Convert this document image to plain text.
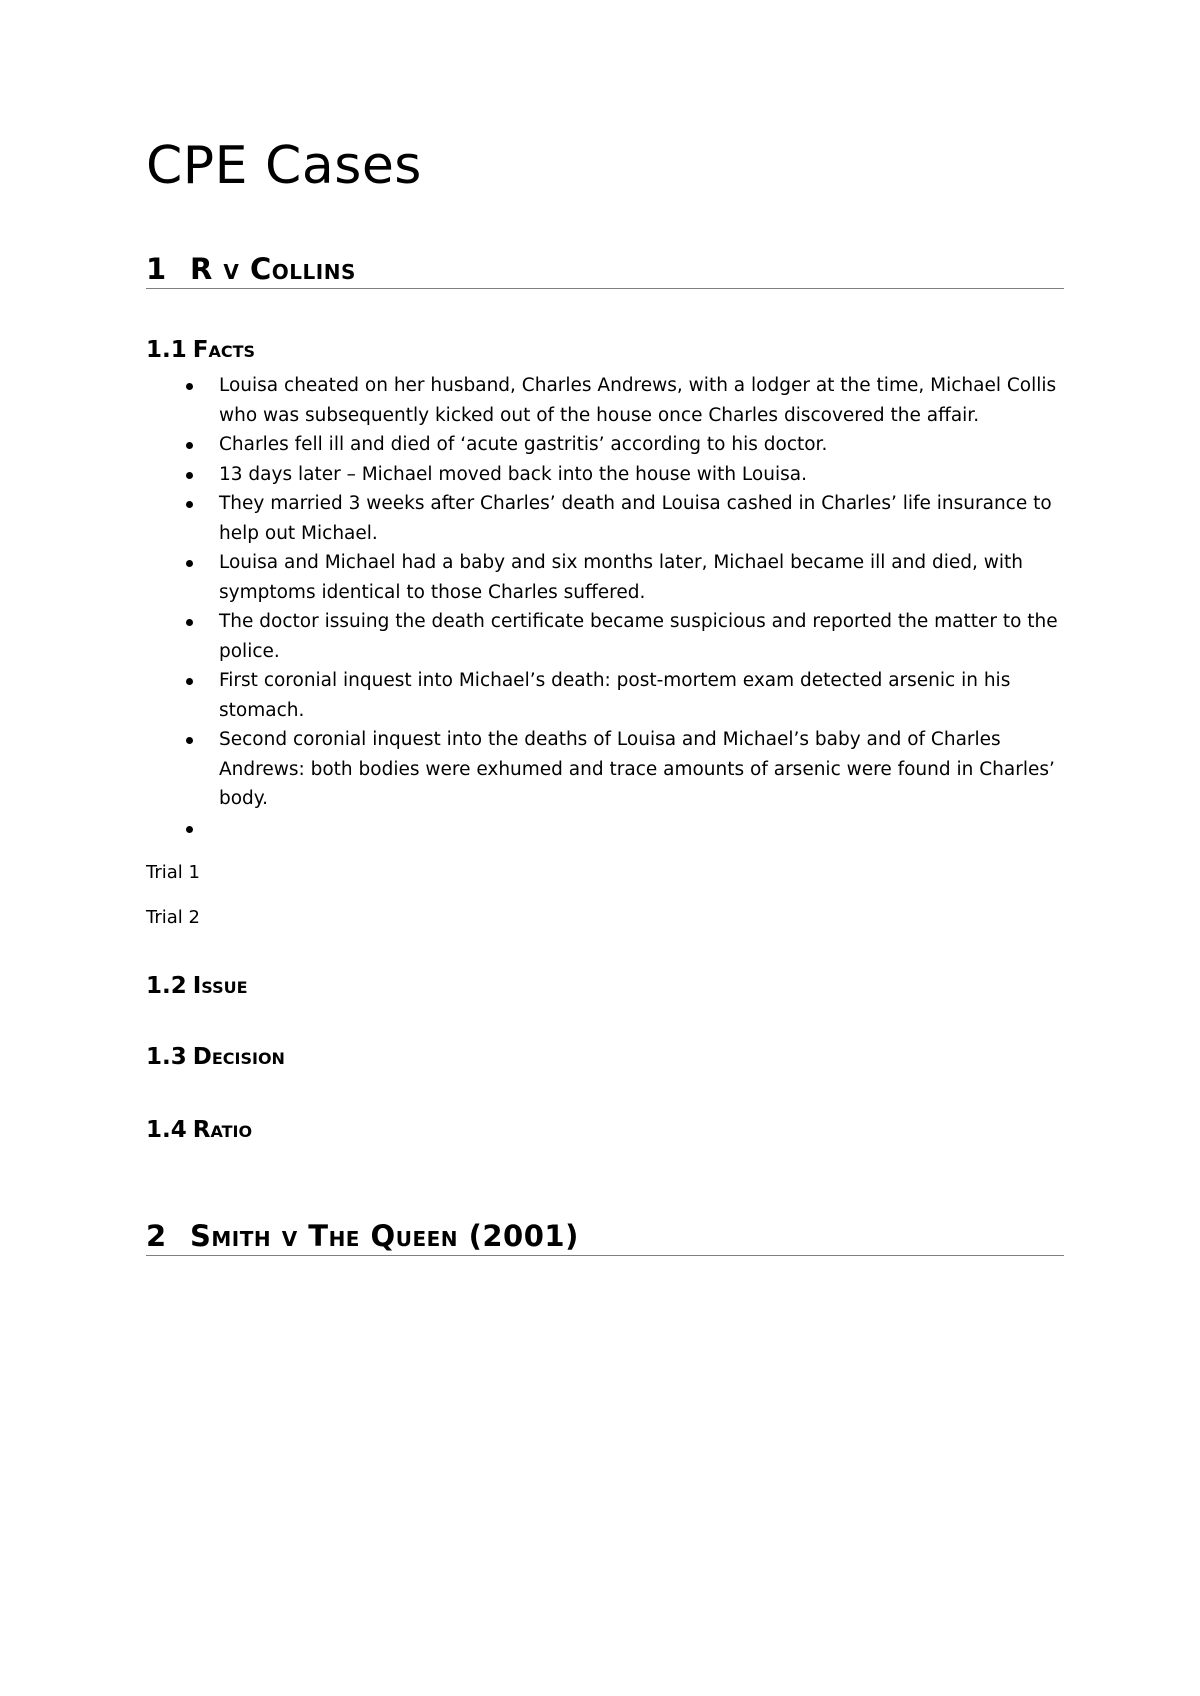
CPE Cases
1 R v Collins
1.1 Facts
Louisa cheated on her husband, Charles Andrews, with a lodger at the time, Michael Collis who was subsequently kicked out of the house once Charles discovered the affair.
Charles fell ill and died of ‘acute gastritis’ according to his doctor.
13 days later – Michael moved back into the house with Louisa.
They married 3 weeks after Charles’ death and Louisa cashed in Charles’ life insurance to help out Michael.
Louisa and Michael had a baby and six months later, Michael became ill and died, with symptoms identical to those Charles suffered.
The doctor issuing the death certificate became suspicious and reported the matter to the police.
First coronial inquest into Michael’s death: post-mortem exam detected arsenic in his stomach.
Second coronial inquest into the deaths of Louisa and Michael’s baby and of Charles Andrews: both bodies were exhumed and trace amounts of arsenic were found in Charles’ body.

Trial 1

Trial 2

1.2 Issue
1.3 Decision
1.4 Ratio
2 Smith v The Queen (2001)
